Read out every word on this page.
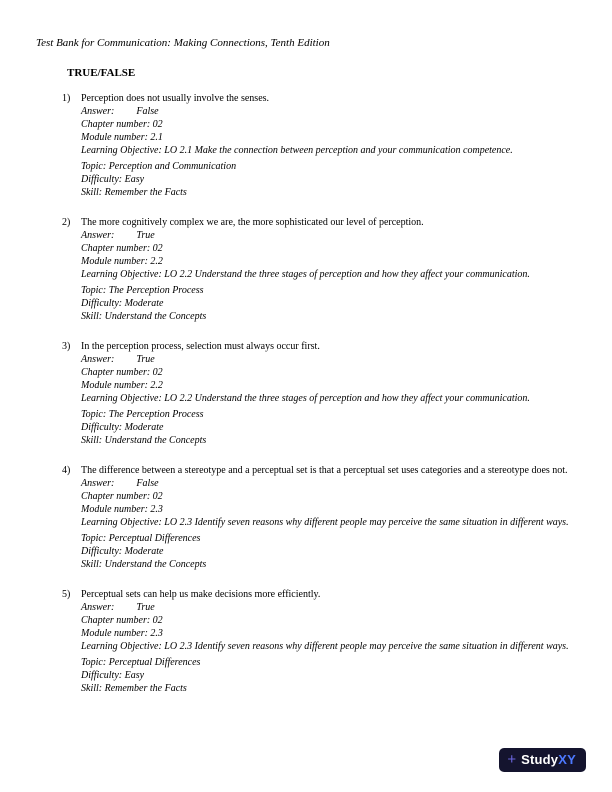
Test Bank for Communication: Making Connections, Tenth Edition
TRUE/FALSE
1)	Perception does not usually involve the senses.
Answer: False
Chapter number: 02
Module number: 2.1
Learning Objective: LO 2.1 Make the connection between perception and your communication competence.
Topic: Perception and Communication
Difficulty: Easy
Skill: Remember the Facts
2)	The more cognitively complex we are, the more sophisticated our level of perception.
Answer: True
Chapter number: 02
Module number: 2.2
Learning Objective: LO 2.2 Understand the three stages of perception and how they affect your communication.
Topic: The Perception Process
Difficulty: Moderate
Skill: Understand the Concepts
3)	In the perception process, selection must always occur first.
Answer: True
Chapter number: 02
Module number: 2.2
Learning Objective: LO 2.2 Understand the three stages of perception and how they affect your communication.
Topic: The Perception Process
Difficulty: Moderate
Skill: Understand the Concepts
4)	The difference between a stereotype and a perceptual set is that a perceptual set uses categories and a stereotype does not.
Answer: False
Chapter number: 02
Module number: 2.3
Learning Objective: LO 2.3 Identify seven reasons why different people may perceive the same situation in different ways.
Topic: Perceptual Differences
Difficulty: Moderate
Skill: Understand the Concepts
5)	Perceptual sets can help us make decisions more efficiently.
Answer: True
Chapter number: 02
Module number: 2.3
Learning Objective: LO 2.3 Identify seven reasons why different people may perceive the same situation in different ways.
Topic: Perceptual Differences
Difficulty: Easy
Skill: Remember the Facts
+ StudyXY
